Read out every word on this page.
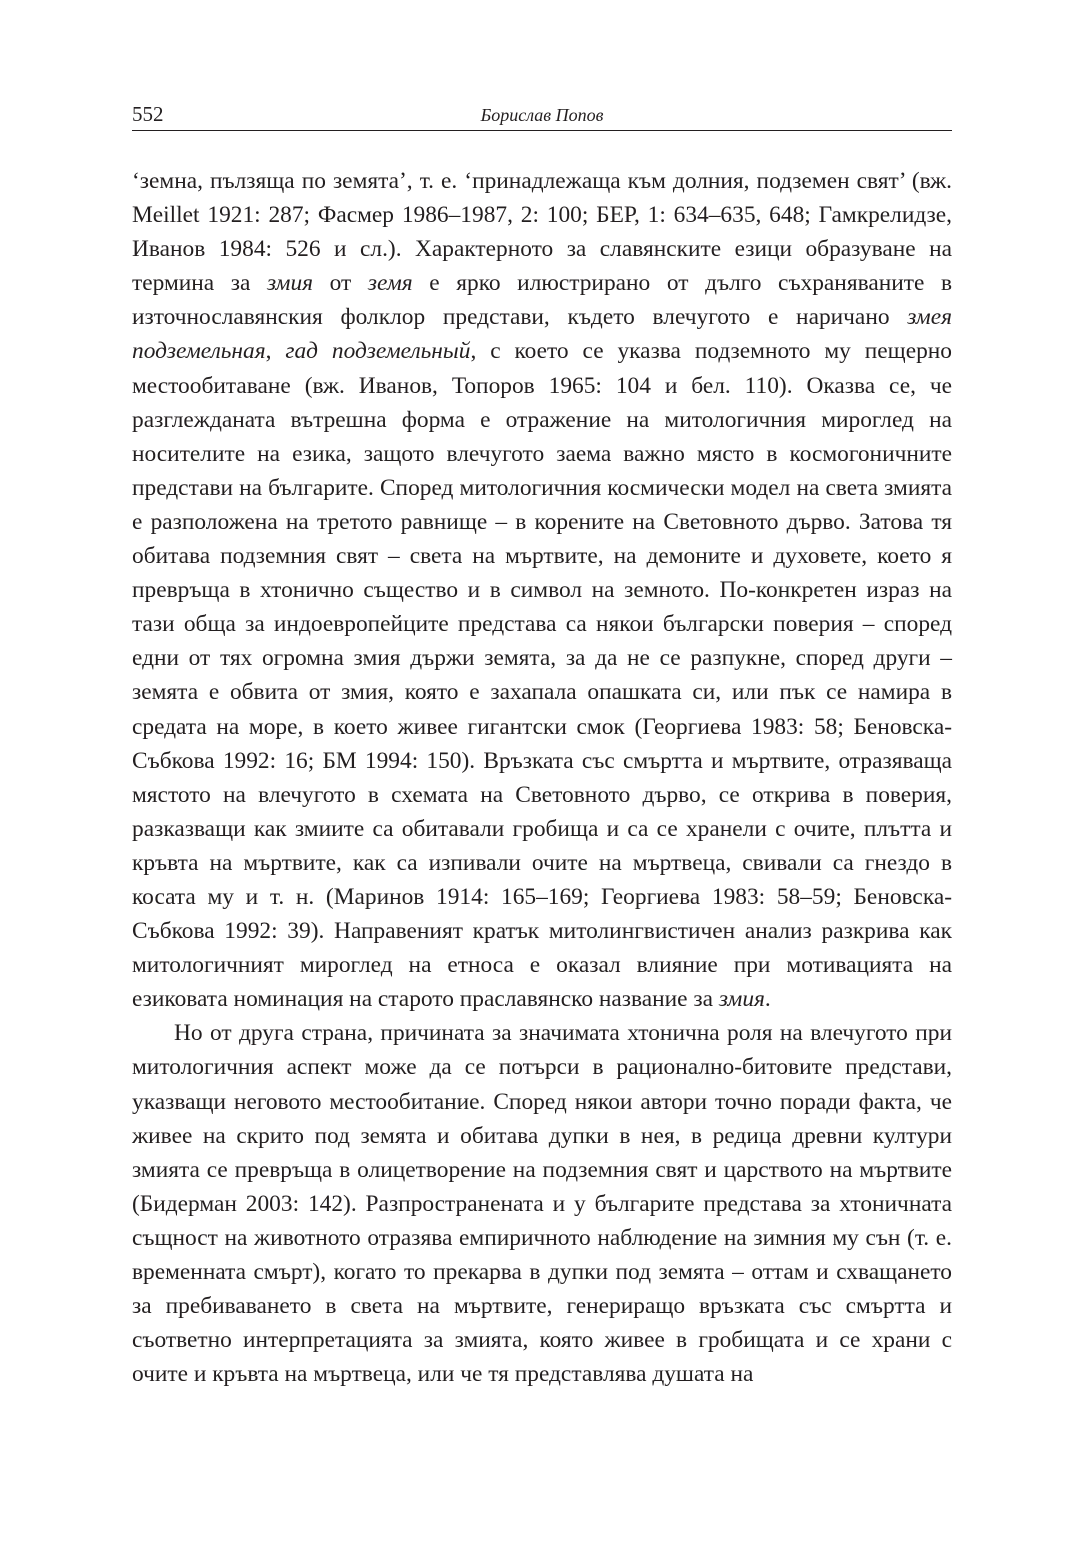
552	Борислав Попов

‘земна, пълзяща по земята’, т. е. ‘принадлежаща към долния, подземен свят’ (вж. Meillet 1921: 287; Фасмер 1986–1987, 2: 100; БЕР, 1: 634–635, 648; Гамкрелидзе, Иванов 1984: 526 и сл.). Характерното за славянските езици образуване на термина за змия от земя е ярко илюстрирано от дълго съхраняваните в източнославянския фолклор представи, където влечугото е наричано змея подземельная, гад подземельный, с което се указва подземното му пещерно местообитаване (вж. Иванов, Топоров 1965: 104 и бел. 110). Оказва се, че разглежданата вътрешна форма е отражение на митологичния мироглед на носителите на езика, защото влечугото заема важно място в космогоничните представи на българите. Според митологичния космически модел на света змията е разположена на третото равнище – в корените на Световното дърво. Затова тя обитава подземния свят – света на мъртвите, на демоните и духовете, което я превръща в хтонично същество и в символ на земното. По-конкретен израз на тази обща за индоевропейците представа са някои български поверия – според едни от тях огромна змия държи земята, за да не се разпукне, според други – земята е обвита от змия, която е захапала опашката си, или пък се намира в средата на море, в което живее гигантски смок (Георгиева 1983: 58; Беновска-Събкова 1992: 16; БМ 1994: 150). Връзката със смъртта и мъртвите, отразяваща мястото на влечугото в схемата на Световното дърво, се открива в поверия, разказващи как змиите са обитавали гробища и са се хранели с очите, плътта и кръвта на мъртвите, как са изпивали очите на мъртвеца, свивали са гнездо в косата му и т. н. (Маринов 1914: 165–169; Георгиева 1983: 58–59; Беновска-Събкова 1992: 39). Направеният кратък митолингвистичен анализ разкрива как митологичният мироглед на етноса е оказал влияние при мотивацията на езиковата номинация на старото праславянско название за змия.

Но от друга страна, причината за значимата хтонична роля на влечугото при митологичния аспект може да се потърси в рационално-битовите представи, указващи неговото местообитание. Според някои автори точно поради факта, че живее на скрито под земята и обитава дупки в нея, в редица древни култури змията се превръща в олицетворение на подземния свят и царството на мъртвите (Бидерман 2003: 142). Разпространената и у българите представа за хтоничната същност на животното отразява емпиричното наблюдение на зимния му сън (т. е. временната смърт), когато то прекарва в дупки под земята – оттам и схващането за пребиваването в света на мъртвите, генериращо връзката със смъртта и съответно интерпретацията за змията, която живее в гробищата и се храни с очите и кръвта на мъртвеца, или че тя представлява душата на
